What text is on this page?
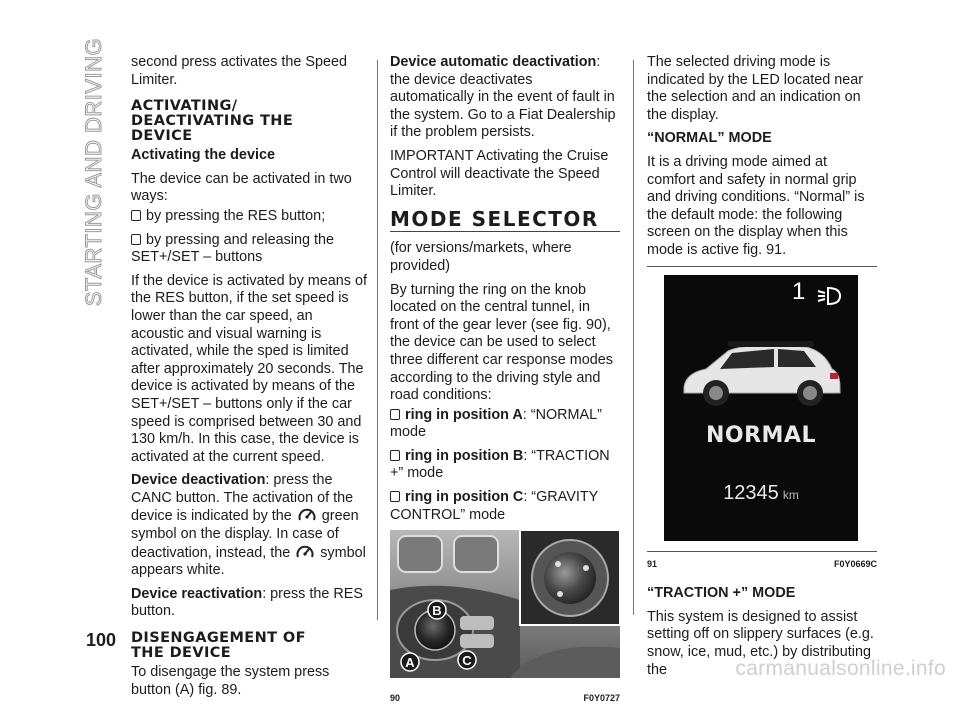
STARTING AND DRIVING second press activates the Speed Limiter.

ACTIVATING/
DEACTIVATING THE
DEVICE

Activating the device

The device can be activated in two ways:

by pressing the RES button;

by pressing and releasing the SET+/SET – buttons

If the device is activated by means of the RES button, if the set speed is lower than the car speed, an acoustic and visual warning is activated, while the sped is limited after approximately 20 seconds. The device is activated by means of the SET+/SET – buttons only if the car speed is comprised between 30 and 130 km/h. In this case, the device is activated at the current speed.

Device deactivation: press the CANC button. The activation of the device is indicated by the green symbol on the display. In case of deactivation, instead, the symbol appears white.

Device reactivation: press the RES button.

DISENGAGEMENT OF
THE DEVICE

To disengage the system press button (A) fig. 89.

Device automatic deactivation: the device deactivates automatically in the event of fault in the system. Go to a Fiat Dealership if the problem persists.

IMPORTANT Activating the Cruise Control will deactivate the Speed Limiter.

MODE SELECTOR

(for versions/markets, where provided)

By turning the ring on the knob located on the central tunnel, in front of the gear lever (see fig. 90), the device can be used to select three different car response modes according to the driving style and road conditions:

ring in position A: “NORMAL” mode

ring in position B: “TRACTION +” mode

ring in position C: “GRAVITY CONTROL” mode

B
A	C
90	F0Y0727

The selected driving mode is indicated by the LED located near the selection and an indication on the display.

“NORMAL” MODE

It is a driving mode aimed at comfort and safety in normal grip and driving conditions. “Normal” is the default mode: the following screen on the display when this mode is active fig. 91.

1
NORMAL
12345 km
91	F0Y0669C

“TRACTION +” MODE

This system is designed to assist setting off on slippery surfaces (e.g. snow, ice, mud, etc.) by distributing the

100
carmanualsonline.info
